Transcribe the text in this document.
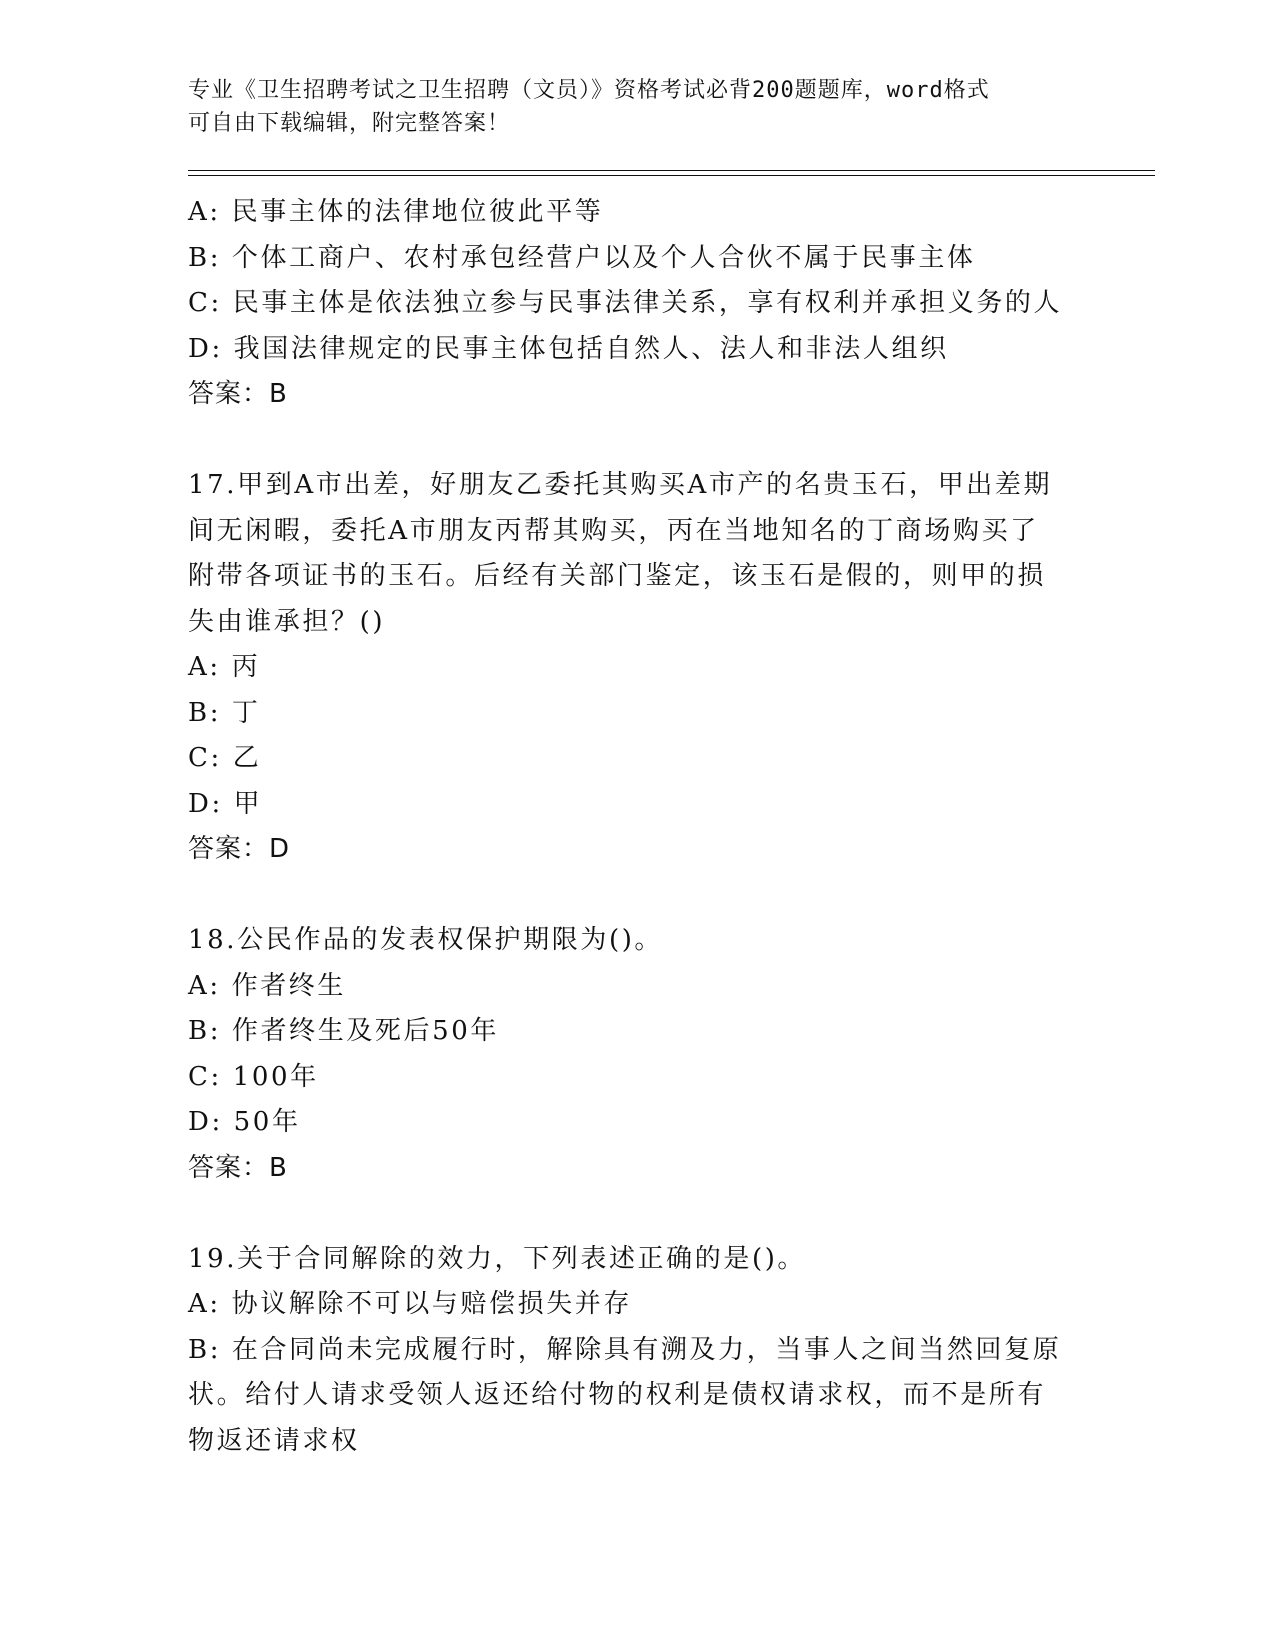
专业《卫生招聘考试之卫生招聘（文员）》资格考试必背200题题库，word格式
可自由下载编辑，附完整答案！
A: 民事主体的法律地位彼此平等
B: 个体工商户、农村承包经营户以及个人合伙不属于民事主体
C: 民事主体是依法独立参与民事法律关系，享有权利并承担义务的人
D: 我国法律规定的民事主体包括自然人、法人和非法人组织
答案：B
17.甲到A市出差，好朋友乙委托其购买A市产的名贵玉石，甲出差期
间无闲暇，委托A市朋友丙帮其购买，丙在当地知名的丁商场购买了
附带各项证书的玉石。后经有关部门鉴定，该玉石是假的，则甲的损
失由谁承担？()
A: 丙
B: 丁
C: 乙
D: 甲
答案：D
18.公民作品的发表权保护期限为()。
A: 作者终生
B: 作者终生及死后50年
C: 100年
D: 50年
答案：B
19.关于合同解除的效力，下列表述正确的是()。
A: 协议解除不可以与赔偿损失并存
B: 在合同尚未完成履行时，解除具有溯及力，当事人之间当然回复原
状。给付人请求受领人返还给付物的权利是债权请求权，而不是所有
物返还请求权
